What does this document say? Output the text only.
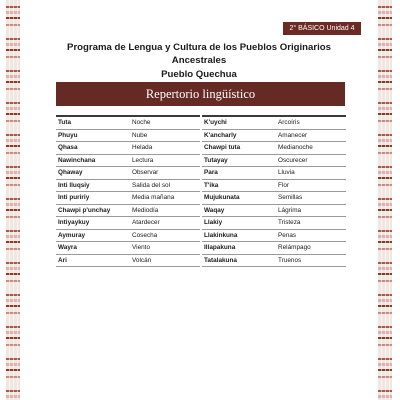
2° BÁSICO Unidad 4
Programa de Lengua y Cultura de los Pueblos Originarios Ancestrales
Pueblo Quechua
Repertorio lingüístico
Tuta	Noche
Phuyu	Nube
Qhasa	Helada
Ñawinchana	Lectura
Qhaway	Observar
Inti lluqsiy	Salida del sol
Inti puririy	Media mañana
Chawpi p'unchay	Mediodía
Intiyaykuy	Atardecer
Aymuray	Cosecha
Wayra	Viento
Ari	Volcán
K'uychi	Arcoíris
K'ancharly	Amanecer
Chawpi tuta	Medianoche
Tutayay	Oscurecer
Para	Lluvia
T'ika	Flor
Mujukunata	Semillas
Waqay	Lágrima
Llakiy	Tristeza
Llakinkuna	Penas
Illapakuna	Relámpago
Tatalakuna	Truenos
